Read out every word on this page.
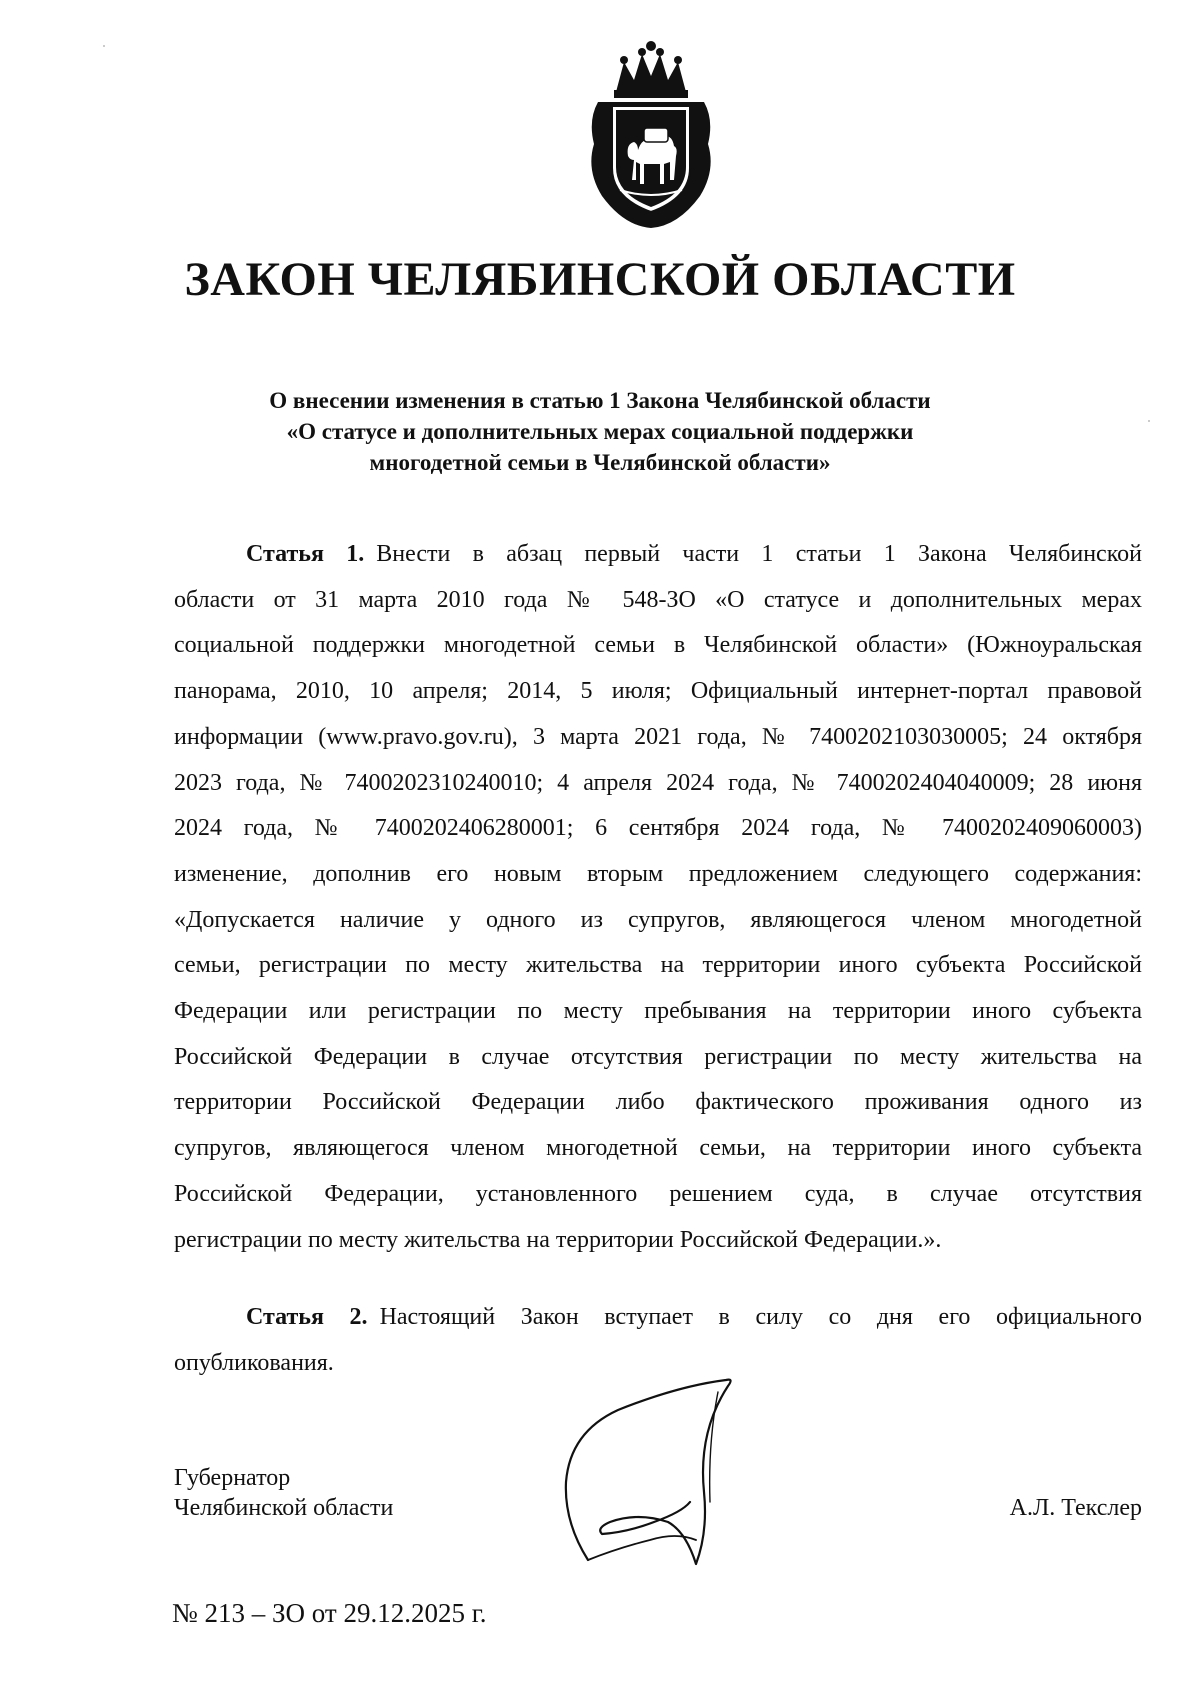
ЗАКОН ЧЕЛЯБИНСКОЙ ОБЛАСТИ
О внесении изменения в статью 1 Закона Челябинской области
«О статусе и дополнительных мерах социальной поддержки
многодетной семьи в Челябинской области»
Статья 1. Внести в абзац первый части 1 статьи 1 Закона Челябинской
области от 31 марта 2010 года № 548-ЗО «О статусе и дополнительных мерах
социальной поддержки многодетной семьи в Челябинской области» (Южноуральская
панорама, 2010, 10 апреля; 2014, 5 июля; Официальный интернет-портал правовой
информации (www.pravo.gov.ru), 3 марта 2021 года, № 7400202103030005; 24 октября
2023 года, № 7400202310240010; 4 апреля 2024 года, № 7400202404040009; 28 июня
2024 года, № 7400202406280001; 6 сентября 2024 года, № 7400202409060003)
изменение, дополнив его новым вторым предложением следующего содержания:
«Допускается наличие у одного из супругов, являющегося членом многодетной
семьи, регистрации по месту жительства на территории иного субъекта Российской
Федерации или регистрации по месту пребывания на территории иного субъекта
Российской Федерации в случае отсутствия регистрации по месту жительства на
территории Российской Федерации либо фактического проживания одного из
супругов, являющегося членом многодетной семьи, на территории иного субъекта
Российской Федерации, установленного решением суда, в случае отсутствия
регистрации по месту жительства на территории Российской Федерации.».
Статья 2. Настоящий Закон вступает в силу со дня его официального
опубликования.
Губернатор
Челябинской области	А.Л. Текслер
№ 213 – ЗО от 29.12.2025 г.
